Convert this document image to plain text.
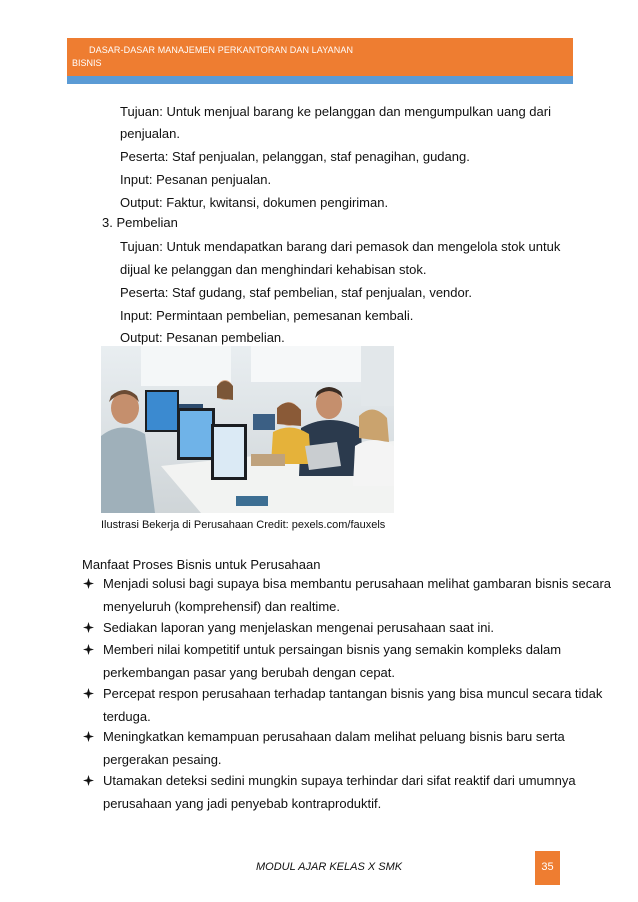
DASAR-DASAR MANAJEMEN PERKANTORAN DAN LAYANAN
BISNIS
Tujuan: Untuk menjual barang ke pelanggan dan mengumpulkan uang dari
penjualan.
Peserta: Staf penjualan, pelanggan, staf penagihan, gudang.
Input: Pesanan penjualan.
Output: Faktur, kwitansi, dokumen pengiriman.
3. Pembelian
Tujuan: Untuk mendapatkan barang dari pemasok dan mengelola stok untuk
dijual ke pelanggan dan menghindari kehabisan stok.
Peserta: Staf gudang, staf pembelian, staf penjualan, vendor.
Input: Permintaan pembelian, pemesanan kembali.
Output: Pesanan pembelian.
Ilustrasi Bekerja di Perusahaan Credit: pexels.com/fauxels
Manfaat Proses Bisnis untuk Perusahaan
Menjadi solusi bagi supaya bisa membantu perusahaan melihat gambaran bisnis secara
menyeluruh (komprehensif) dan realtime.
Sediakan laporan yang menjelaskan mengenai perusahaan saat ini.
Memberi nilai kompetitif untuk persaingan bisnis yang semakin kompleks dalam
perkembangan pasar yang berubah dengan cepat.
Percepat respon perusahaan terhadap tantangan bisnis yang bisa muncul secara tidak
terduga.
Meningkatkan kemampuan perusahaan dalam melihat peluang bisnis baru serta
pergerakan pesaing.
Utamakan deteksi sedini mungkin supaya terhindar dari sifat reaktif dari umumnya
perusahaan yang jadi penyebab kontraproduktif.
MODUL AJAR KELAS X SMK	35
